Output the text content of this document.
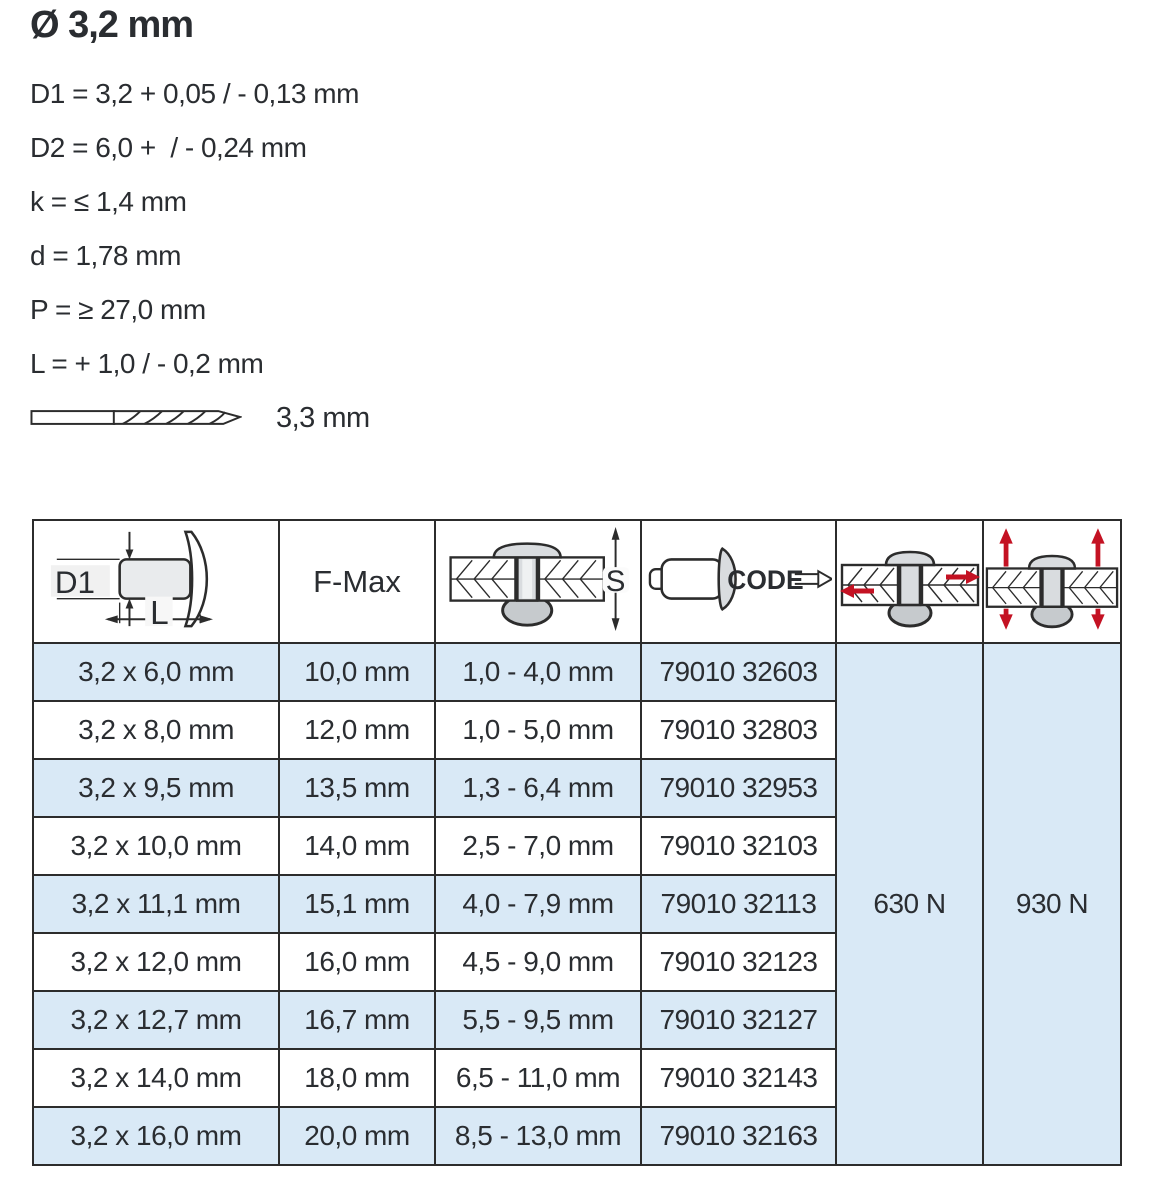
Ø 3,2 mm
D1 = 3,2 + 0,05 / - 0,13 mm
D2 = 6,0 +  / - 0,24 mm
k = ≤ 1,4 mm
d = 1,78 mm
P = ≥ 27,0 mm
L = + 1,0 / - 0,2 mm
3,3 mm
D1
L	F-Max	S	CODE

3,2 x 6,0 mm	10,0 mm	1,0 - 4,0 mm	79010 32603	630 N	930 N
3,2 x 8,0 mm	12,0 mm	1,0 - 5,0 mm	79010 32803		
3,2 x 9,5 mm	13,5 mm	1,3 - 6,4 mm	79010 32953		
3,2 x 10,0 mm	14,0 mm	2,5 - 7,0 mm	79010 32103		
3,2 x 11,1 mm	15,1 mm	4,0 - 7,9 mm	79010 32113		
3,2 x 12,0 mm	16,0 mm	4,5 - 9,0 mm	79010 32123		
3,2 x 12,7 mm	16,7 mm	5,5 - 9,5 mm	79010 32127		
3,2 x 14,0 mm	18,0 mm	6,5 - 11,0 mm	79010 32143		
3,2 x 16,0 mm	20,0 mm	8,5 - 13,0 mm	79010 32163		
